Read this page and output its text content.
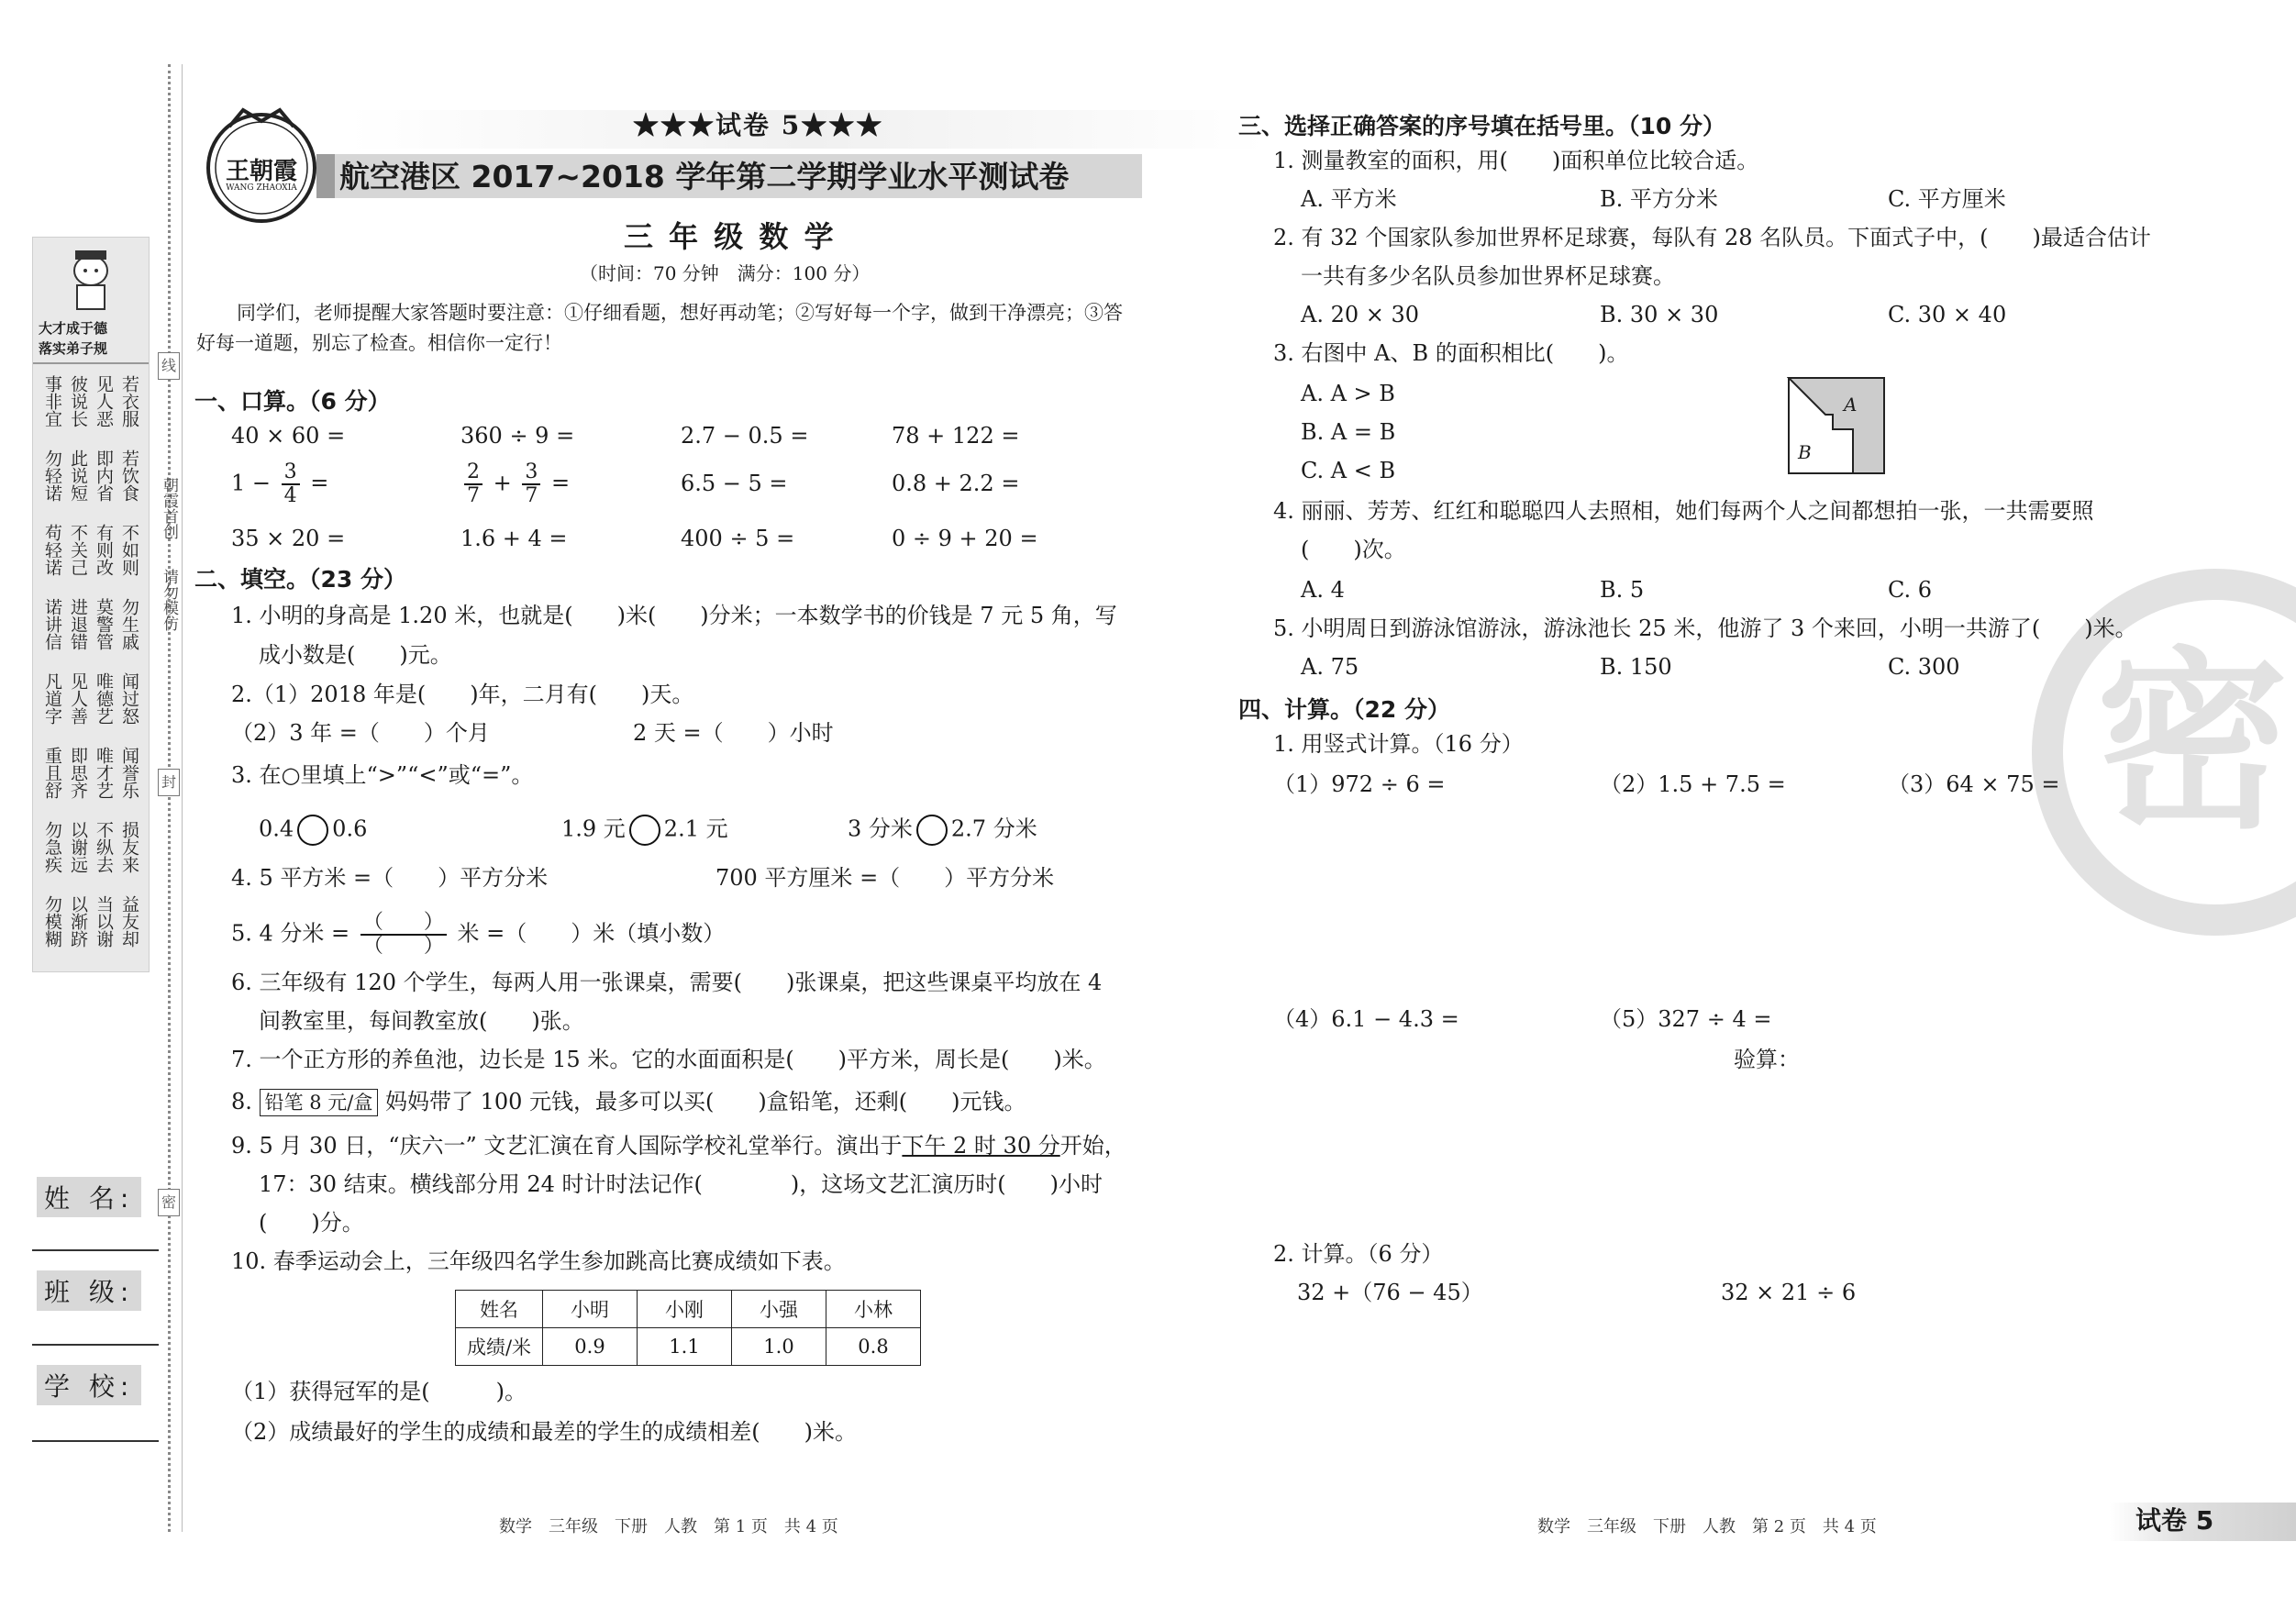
大才成于德
落实弟子规
若衣服
见人恶
彼说长
事非宜
若饮食
即内省
此说短
勿轻诺
不如则
有则改
不关己
苟轻诺
勿生戚
莫警管
进退错
诺讲信
闻过怒
唯德艺
见人善
凡道字
闻誉乐
唯才艺
即思齐
重且舒
损友来
不纵去
以谢远
勿急疾
益友却
当以谢
以渐跻
勿模糊
朝霞首创
请勿模仿
线
封
密
姓 名:
班 级:
学 校:
王朝霞
WANG ZHAOXIA
★★★试卷 5★★★
航空港区 2017~2018 学年第二学期学业水平测试卷
三 年 级 数 学
（时间：70 分钟　满分：100 分）
同学们，老师提醒大家答题时要注意：①仔细看题，想好再动笔；②写好每一个字，做到干净漂亮；③答
好每一道题，别忘了检查。相信你一定行！
一、口算。（6 分）
40 × 60 =	360 ÷ 9 =	2.7 − 0.5 =	78 + 122 =
$1 - \frac{3}{4}$ =	$\frac{2}{7} + \frac{3}{7}$ =	6.5 − 5 =	0.8 + 2.2 =
35 × 20 =	1.6 + 4 =	400 ÷ 5 =	0 ÷ 9 + 20 =
二、填空。（23 分）
1. 小明的身高是 1.20 米，也就是(　　)米(　　)分米；一本数学书的价钱是 7 元 5 角，写
成小数是(　　)元。
2.（1）2018 年是(　　)年，二月有(　　)天。
（2）3 年 =（　　）个月	2 天 =（　　）小时
3. 在○里填上“>”“<”或“=”。
0.4 0.6	1.9 元 2.1 元	3 分米 2.7 分米
4. 5 平方米 =（　　）平方分米	700 平方厘米 =（　　）平方分米
5. 4 分米 = $\frac{( )}{( )}$ 米 =（　　）米（填小数）
6. 三年级有 120 个学生，每两人用一张课桌，需要(　　)张课桌，把这些课桌平均放在 4
间教室里，每间教室放(　　)张。
7. 一个正方形的养鱼池，边长是 15 米。它的水面面积是(　　)平方米，周长是(　　)米。
8. 铅笔 8 元/盒 妈妈带了 100 元钱，最多可以买(　　)盒铅笔，还剩(　　)元钱。
9. 5 月 30 日，“庆六一” 文艺汇演在育人国际学校礼堂举行。演出于下午 2 时 30 分开始，
17：30 结束。横线部分用 24 时计时法记作(　　　　)，这场文艺汇演历时(　　)小时
(　　)分。
10. 春季运动会上，三年级四名学生参加跳高比赛成绩如下表。
姓名	小明	小刚	小强	小林
成绩/米	0.9	1.1	1.0	0.8
（1）获得冠军的是(　　　)。
（2）成绩最好的学生的成绩和最差的学生的成绩相差(　　)米。
数学　三年级　下册　人教　第 1 页　共 4 页
密
三、选择正确答案的序号填在括号里。（10 分）
1. 测量教室的面积，用(　　)面积单位比较合适。
A. 平方米	B. 平方分米	C. 平方厘米
2. 有 32 个国家队参加世界杯足球赛，每队有 28 名队员。下面式子中，(　　)最适合估计
一共有多少名队员参加世界杯足球赛。
A. 20 × 30	B. 30 × 30	C. 30 × 40
3. 右图中 A、B 的面积相比(　　)。
A. A > B
B. A = B
C. A < B
A
B
4. 丽丽、芳芳、红红和聪聪四人去照相，她们每两个人之间都想拍一张，一共需要照
(　　)次。
A. 4	B. 5	C. 6
5. 小明周日到游泳馆游泳，游泳池长 25 米，他游了 3 个来回，小明一共游了(　　)米。
A. 75	B. 150	C. 300
四、计算。（22 分）
1. 用竖式计算。（16 分）
（1）972 ÷ 6 =	（2）1.5 + 7.5 =	（3）64 × 75 =
（4）6.1 − 4.3 =	（5）327 ÷ 4 =
验算：
2. 计算。（6 分）
32 +（76 − 45）	32 × 21 ÷ 6
数学　三年级　下册　人教　第 2 页　共 4 页	试卷 5
